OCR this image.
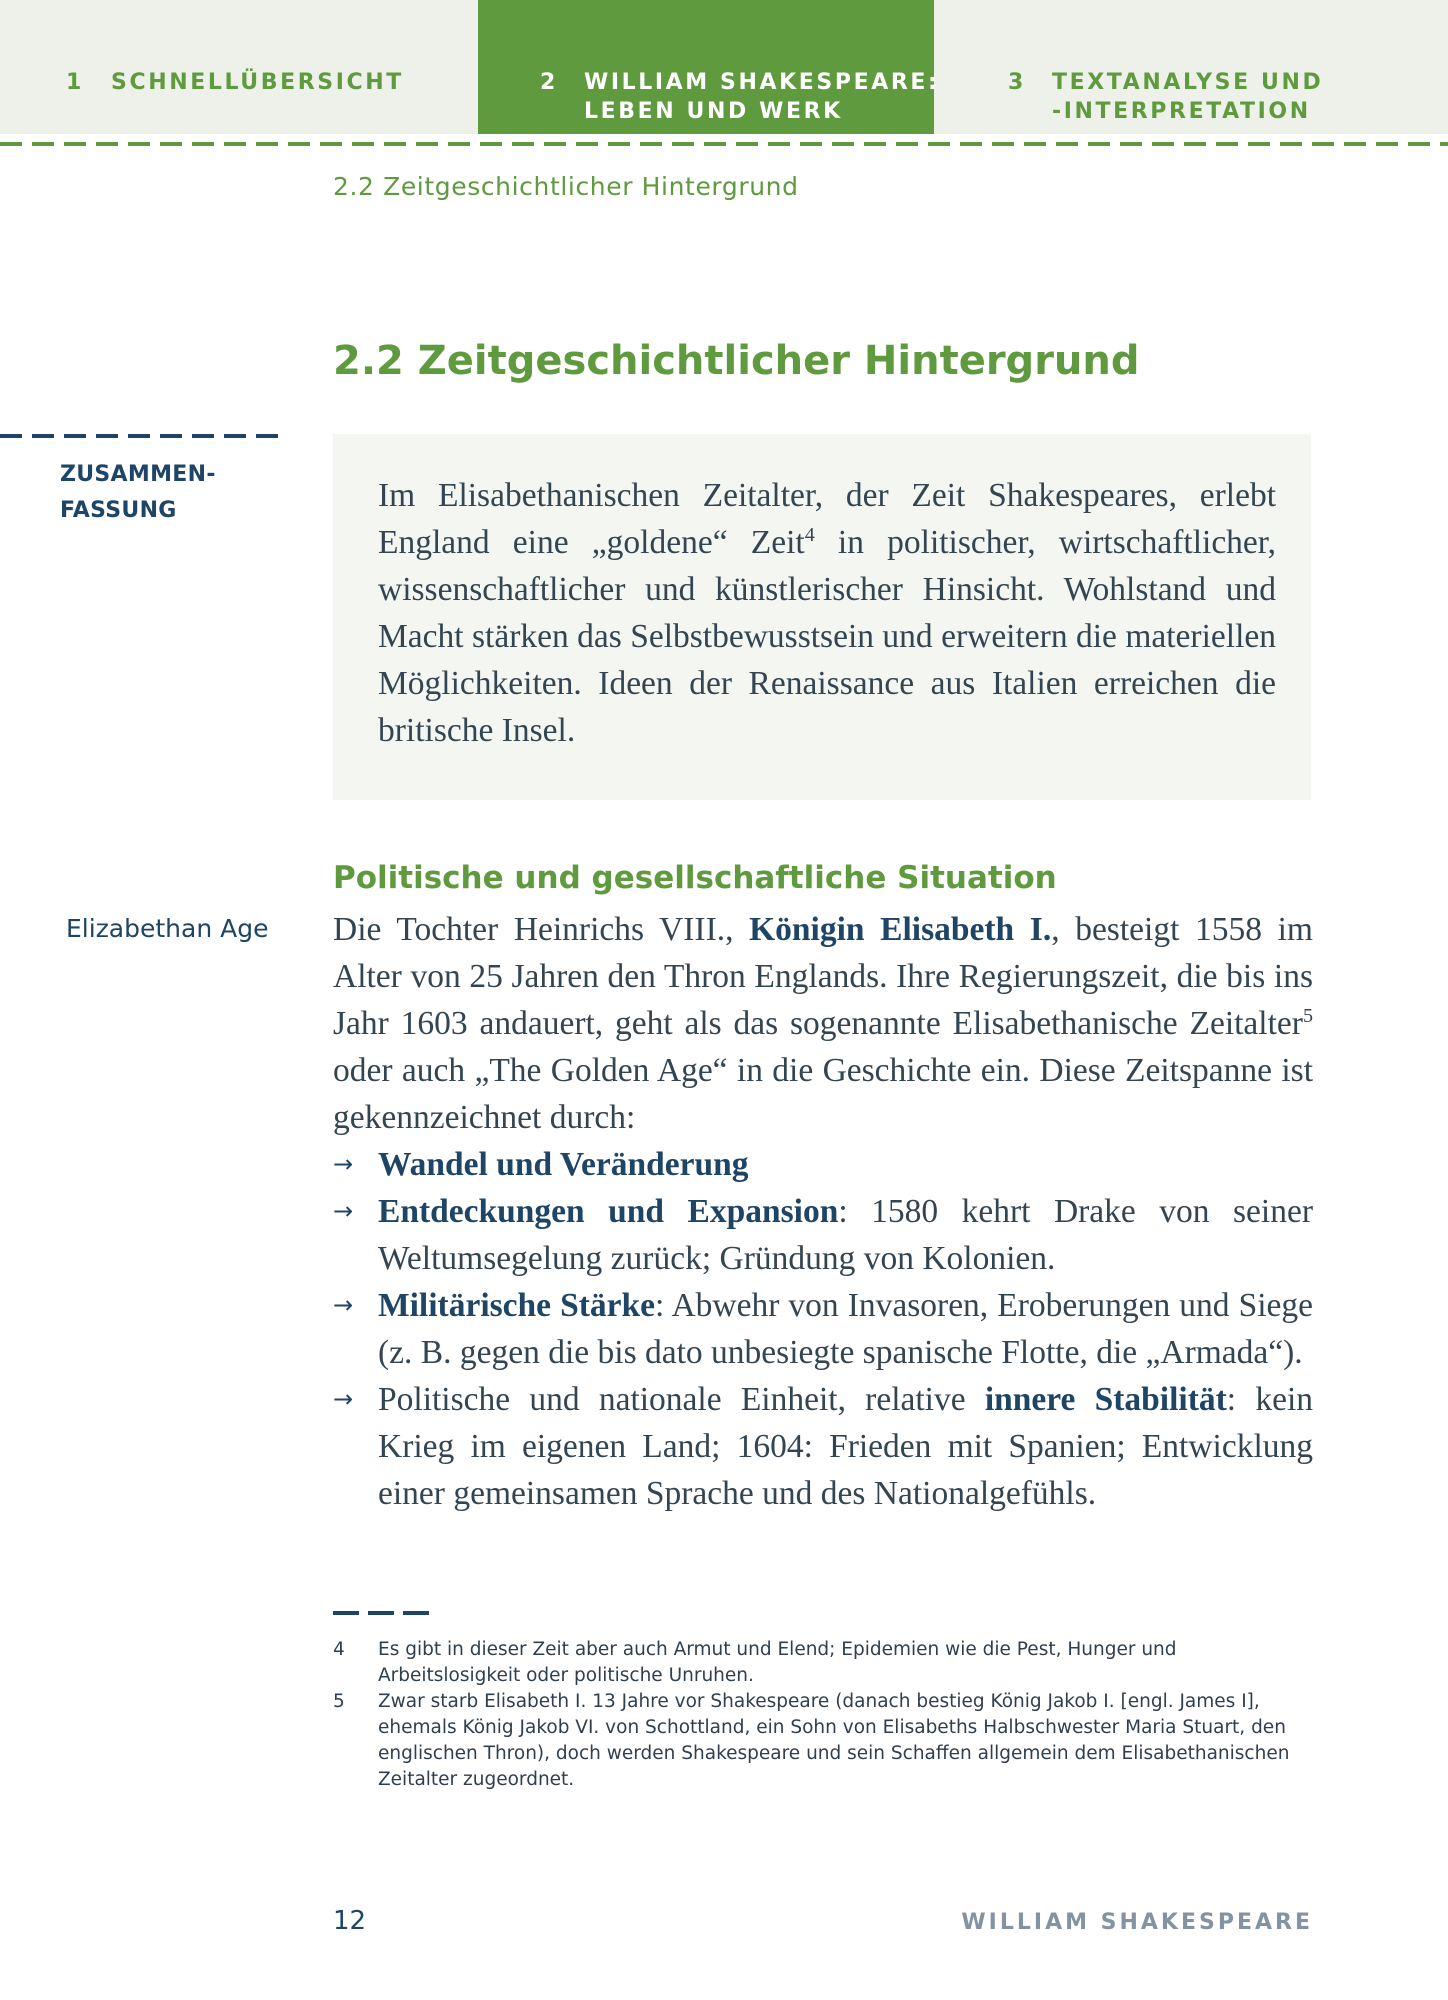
1 SCHNELLÜBERSICHT	2 WILLIAM SHAKESPEARE:
LEBEN UND WERK
3 TEXTANALYSE UND
-INTERPRETATION
2.2 Zeitgeschichtlicher Hintergrund
2.2 Zeitgeschichtlicher Hintergrund
ZUSAMMEN-
FASSUNG	Im Elisabethanischen Zeitalter, der Zeit Shakespeares, erlebt England eine „goldene“ Zeit$^4$ in politischer, wirtschaftlicher, wissenschaftlicher und künstlerischer Hinsicht. Wohlstand und Macht stärken das Selbstbewusstsein und erweitern die materiellen Möglichkeiten. Ideen der Renaissance aus Italien erreichen die britische Insel.
Politische und gesellschaftliche Situation
Elizabethan Age Die Tochter Heinrichs VIII., Königin Elisabeth I., besteigt 1558 im Alter von 25 Jahren den Thron Englands. Ihre Regierungszeit, die bis ins Jahr 1603 andauert, geht als das sogenannte Elisabethanische Zeitalter$^5$ oder auch „The Golden Age“ in die Geschichte ein. Diese Zeitspanne ist gekennzeichnet durch:

→ Wandel und Veränderung
→ Entdeckungen und Expansion: 1580 kehrt Drake von seiner Weltumsegelung zurück; Gründung von Kolonien.
→ Militärische Stärke: Abwehr von Invasoren, Eroberungen und Siege (z. B. gegen die bis dato unbesiegte spanische Flotte, die „Armada“).
→ Politische und nationale Einheit, relative innere Stabilität: kein Krieg im eigenen Land; 1604: Frieden mit Spanien; Entwicklung einer gemeinsamen Sprache und des Nationalgefühls.
4 Es gibt in dieser Zeit aber auch Armut und Elend; Epidemien wie die Pest, Hunger und Arbeitslosigkeit oder politische Unruhen.
5 Zwar starb Elisabeth I. 13 Jahre vor Shakespeare (danach bestieg König Jakob I. [engl. James I], ehemals König Jakob VI. von Schottland, ein Sohn von Elisabeths Halbschwester Maria Stuart, den englischen Thron), doch werden Shakespeare und sein Schaffen allgemein dem Elisabethanischen Zeitalter zugeordnet.
12	WILLIAM SHAKESPEARE
